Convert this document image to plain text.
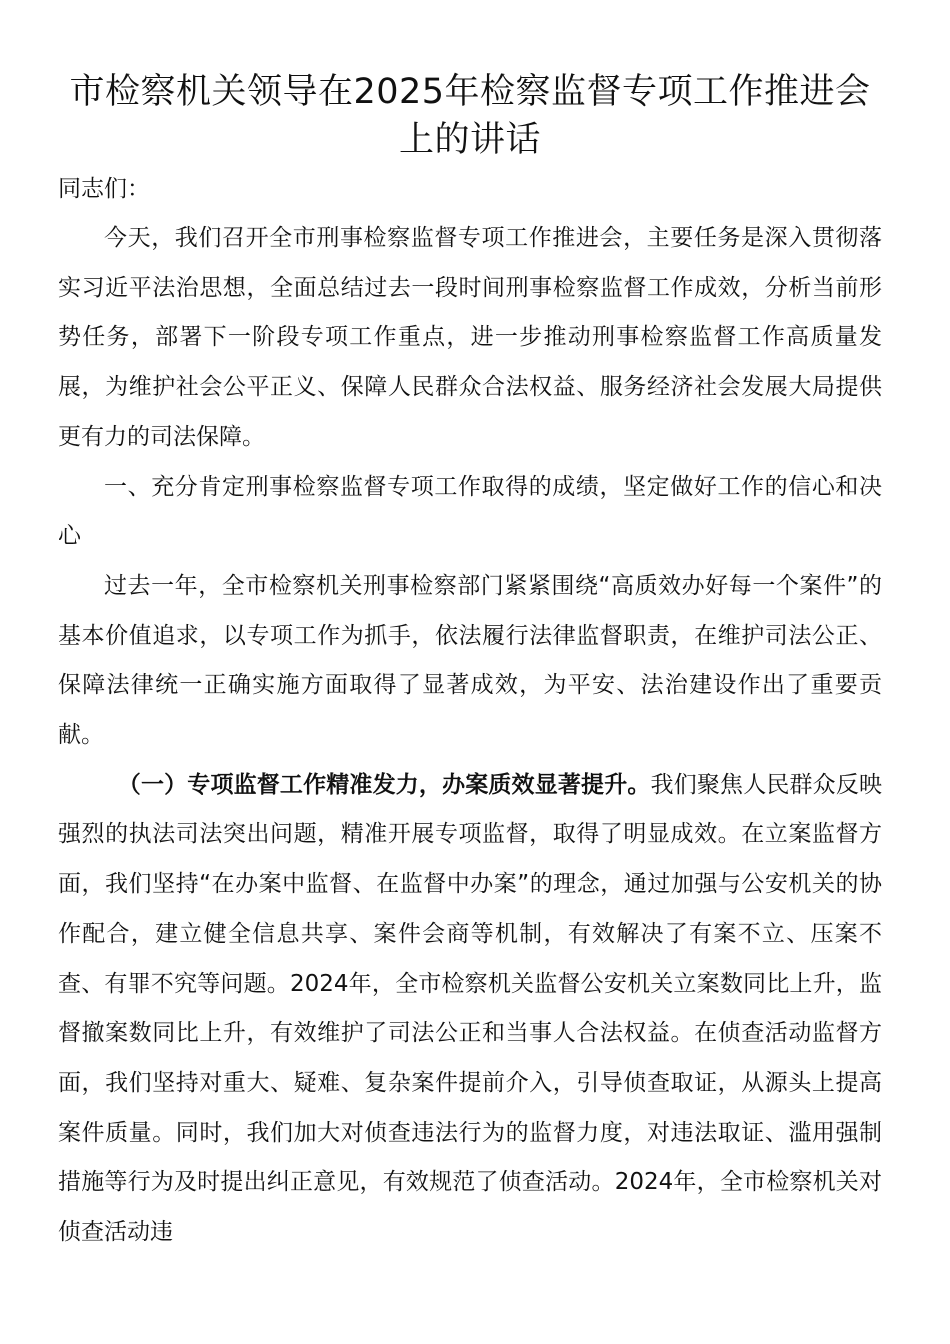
市检察机关领导在2025年检察监督专项工作推进会上的讲话

同志们：

今天，我们召开全市刑事检察监督专项工作推进会，主要任务是深入贯彻落实习近平法治思想，全面总结过去一段时间刑事检察监督工作成效，分析当前形势任务，部署下一阶段专项工作重点，进一步推动刑事检察监督工作高质量发展，为维护社会公平正义、保障人民群众合法权益、服务经济社会发展大局提供更有力的司法保障。

一、充分肯定刑事检察监督专项工作取得的成绩，坚定做好工作的信心和决心

过去一年，全市检察机关刑事检察部门紧紧围绕“高质效办好每一个案件”的基本价值追求，以专项工作为抓手，依法履行法律监督职责，在维护司法公正、保障法律统一正确实施方面取得了显著成效，为平安、法治建设作出了重要贡献。

（一）专项监督工作精准发力，办案质效显著提升。我们聚焦人民群众反映强烈的执法司法突出问题，精准开展专项监督，取得了明显成效。在立案监督方面，我们坚持“在办案中监督、在监督中办案”的理念，通过加强与公安机关的协作配合，建立健全信息共享、案件会商等机制，有效解决了有案不立、压案不查、有罪不究等问题。2024年，全市检察机关监督公安机关立案数同比上升，监督撤案数同比上升，有效维护了司法公正和当事人合法权益。在侦查活动监督方面，我们坚持对重大、疑难、复杂案件提前介入，引导侦查取证，从源头上提高案件质量。同时，我们加大对侦查违法行为的监督力度，对违法取证、滥用强制措施等行为及时提出纠正意见，有效规范了侦查活动。2024年，全市检察机关对侦查活动违
